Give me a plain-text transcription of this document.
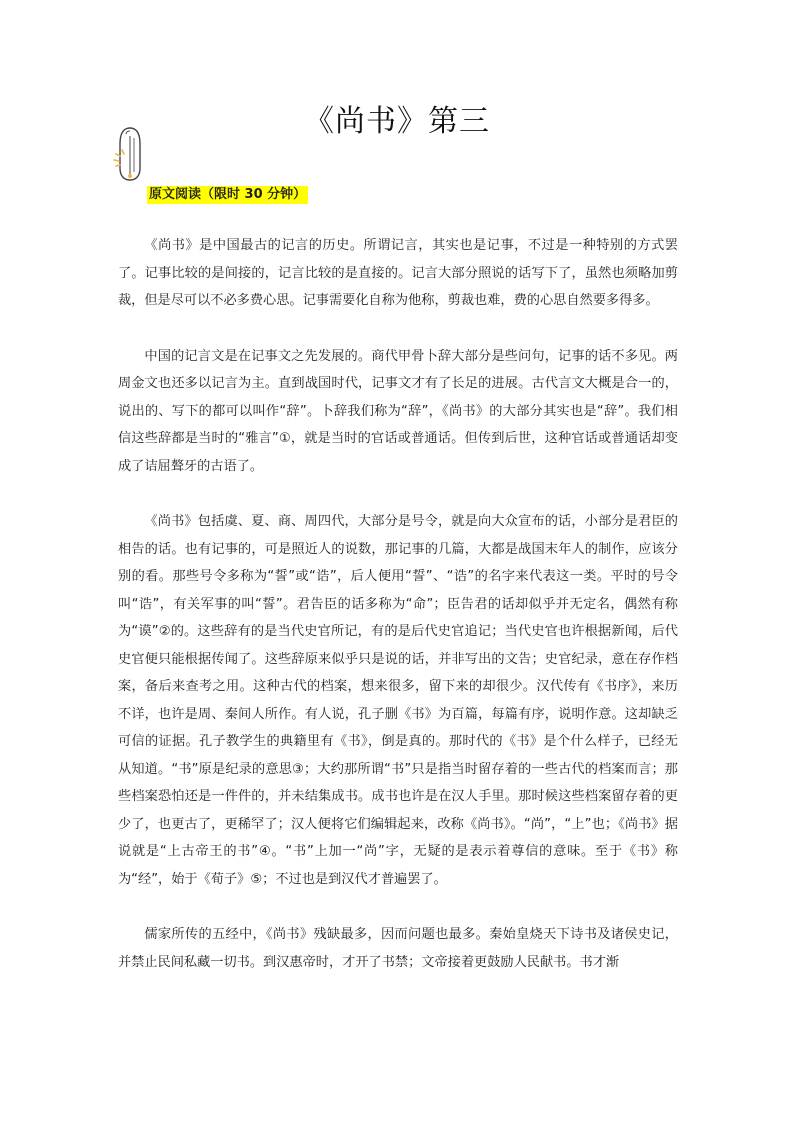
《尚书》第三
原文阅读（限时 30 分钟）

《尚书》是中国最古的记言的历史。所谓记言，其实也是记事，不过是一种特别的方式罢了。记事比较的是间接的，记言比较的是直接的。记言大部分照说的话写下了，虽然也须略加剪裁，但是尽可以不必多费心思。记事需要化自称为他称，剪裁也难，费的心思自然要多得多。

中国的记言文是在记事文之先发展的。商代甲骨卜辞大部分是些问句，记事的话不多见。两周金文也还多以记言为主。直到战国时代，记事文才有了长足的进展。古代言文大概是合一的，说出的、写下的都可以叫作“辞”。卜辞我们称为“辞”，《尚书》的大部分其实也是“辞”。我们相信这些辞都是当时的“雅言”①，就是当时的官话或普通话。但传到后世，这种官话或普通话却变成了诘屈聱牙的古语了。

《尚书》包括虞、夏、商、周四代，大部分是号令，就是向大众宣布的话，小部分是君臣的相告的话。也有记事的，可是照近人的说数，那记事的几篇，大都是战国末年人的制作，应该分别的看。那些号令多称为“誓”或“诰”，后人便用“誓”、“诰”的名字来代表这一类。平时的号令叫“诰”，有关军事的叫“誓”。君告臣的话多称为“命”；臣告君的话却似乎并无定名，偶然有称为“谟”②的。这些辞有的是当代史官所记，有的是后代史官追记；当代史官也许根据新闻，后代史官便只能根据传闻了。这些辞原来似乎只是说的话，并非写出的文告；史官纪录，意在存作档案，备后来查考之用。这种古代的档案，想来很多，留下来的却很少。汉代传有《书序》，来历不详，也许是周、秦间人所作。有人说，孔子删《书》为百篇，每篇有序，说明作意。这却缺乏可信的证据。孔子教学生的典籍里有《书》，倒是真的。那时代的《书》是个什么样子，已经无从知道。“书”原是纪录的意思③；大约那所谓“书”只是指当时留存着的一些古代的档案而言；那些档案恐怕还是一件件的，并未结集成书。成书也许是在汉人手里。那时候这些档案留存着的更少了，也更古了，更稀罕了；汉人便将它们编辑起来，改称《尚书》。“尚”，“上”也；《尚书》据说就是“上古帝王的书”④。“书”上加一“尚”字，无疑的是表示着尊信的意味。至于《书》称为“经”，始于《荀子》⑤；不过也是到汉代才普遍罢了。

儒家所传的五经中，《尚书》残缺最多，因而问题也最多。秦始皇烧天下诗书及诸侯史记，并禁止民间私藏一切书。到汉惠帝时，才开了书禁；文帝接着更鼓励人民献书。书才渐
